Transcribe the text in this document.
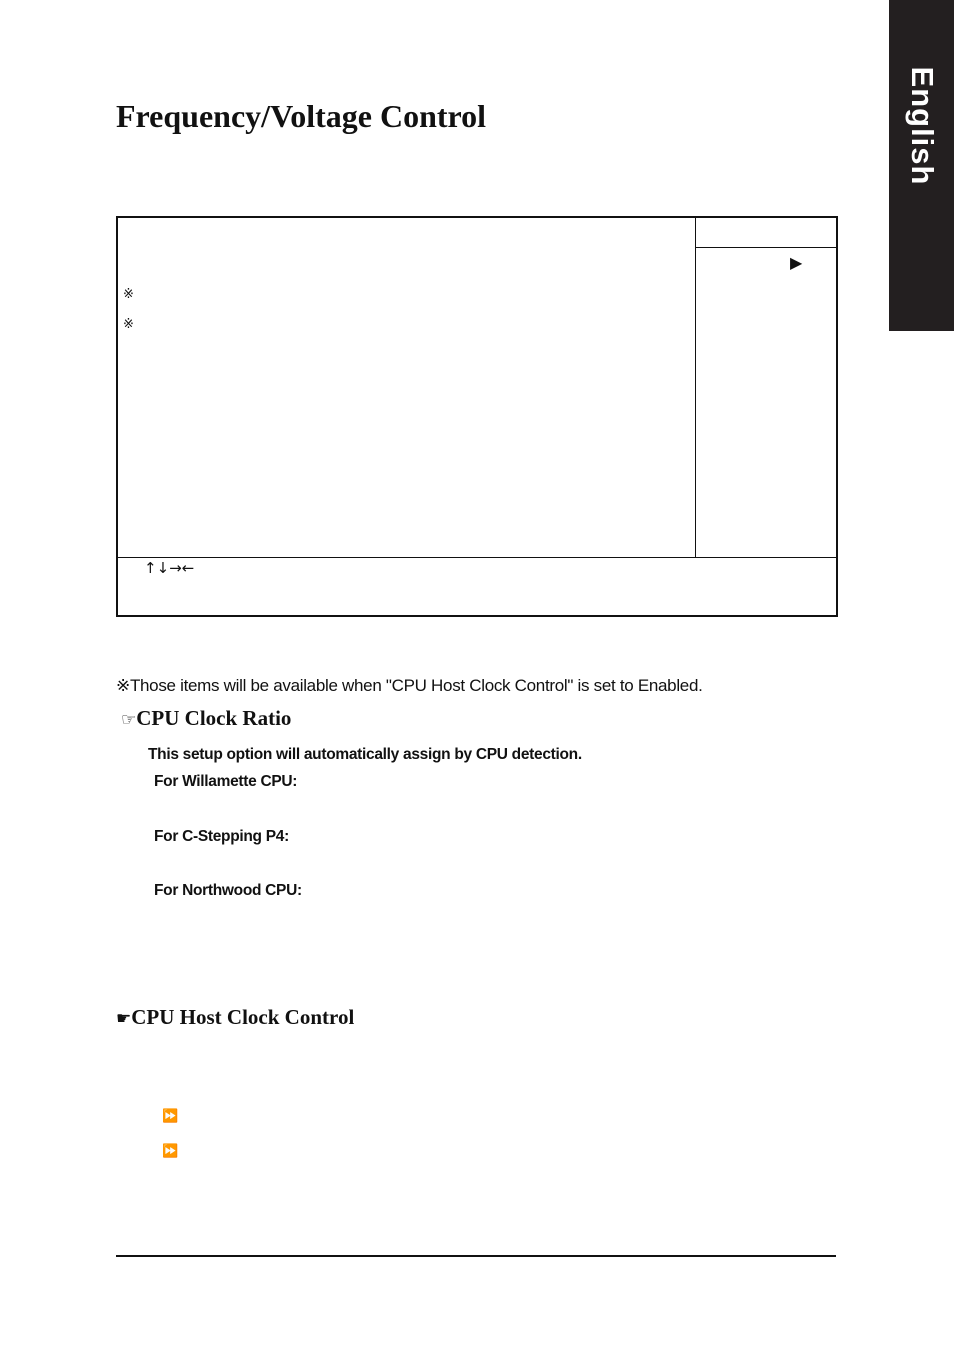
English
Frequency/Voltage Control
▶
※
※
↑↓→←
※Those items will be available when "CPU Host Clock Control" is set to Enabled.
☞CPU Clock Ratio
This setup option will automatically assign by CPU detection.
For Willamette CPU:
For C-Stepping P4:
For Northwood CPU:
☛CPU Host Clock Control
⏩
⏩
